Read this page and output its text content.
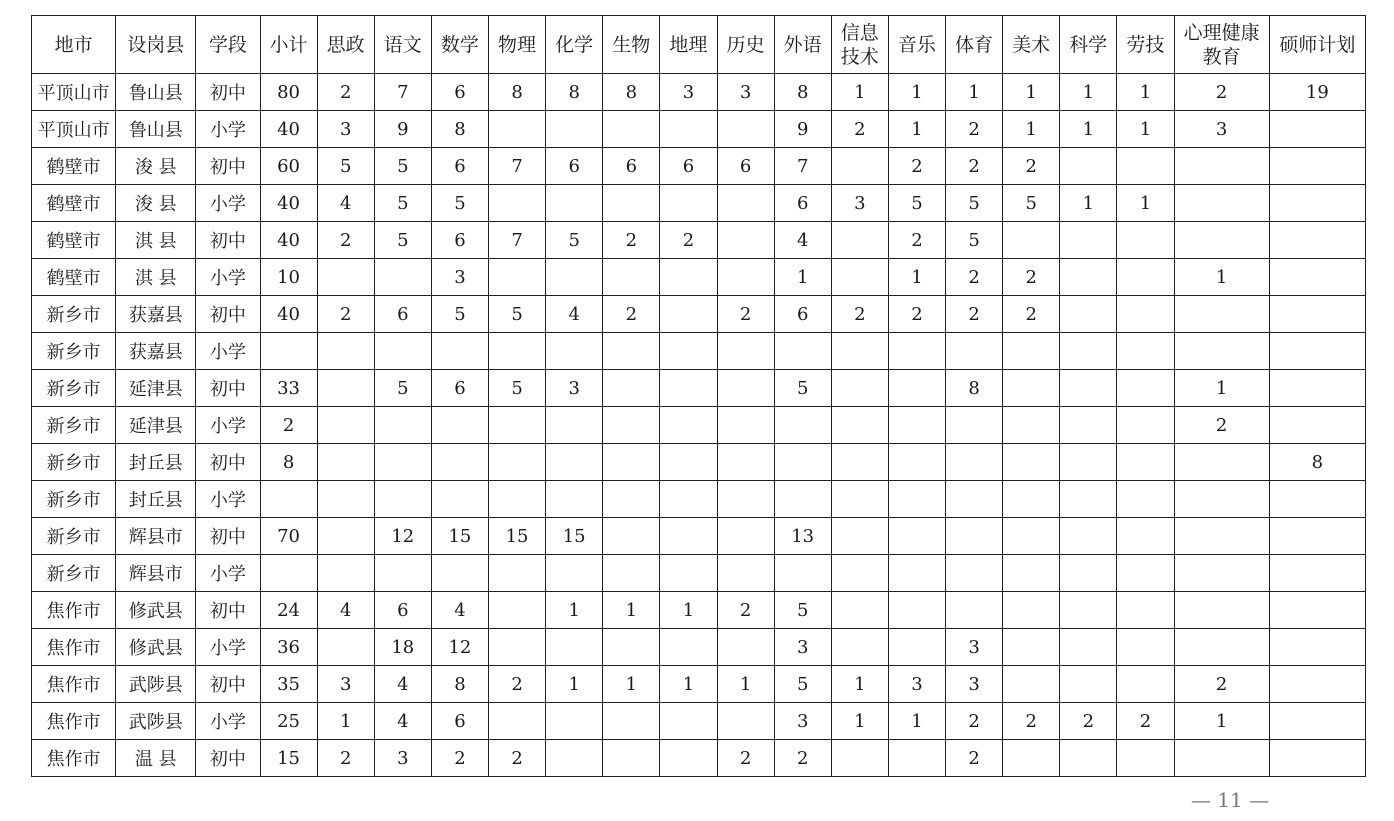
地市	设岗县	学段	小计	思政	语文	数学	物理	化学	生物	地理	历史	外语	信息
技术	音乐	体育	美术	科学	劳技	心理健康
教育	硕师计划
平顶山市	鲁山县	初中	80	2	7	6	8	8	8	3	3	8	1	1	1	1	1	1	2	19
平顶山市	鲁山县	小学	40	3	9	8						9	2	1	2	1	1	1	3	
鹤壁市	浚 县	初中	60	5	5	6	7	6	6	6	6	7		2	2	2				
鹤壁市	浚 县	小学	40	4	5	5						6	3	5	5	5	1	1		
鹤壁市	淇 县	初中	40	2	5	6	7	5	2	2		4		2	5					
鹤壁市	淇 县	小学	10			3						1		1	2	2			1	
新乡市	获嘉县	初中	40	2	6	5	5	4	2		2	6	2	2	2	2				
新乡市	获嘉县	小学																		
新乡市	延津县	初中	33		5	6	5	3				5			8				1	
新乡市	延津县	小学	2																2	
新乡市	封丘县	初中	8																	8
新乡市	封丘县	小学																		
新乡市	辉县市	初中	70		12	15	15	15				13								
新乡市	辉县市	小学																		
焦作市	修武县	初中	24	4	6	4		1	1	1	2	5								
焦作市	修武县	小学	36		18	12						3			3					
焦作市	武陟县	初中	35	3	4	8	2	1	1	1	1	5	1	3	3				2	
焦作市	武陟县	小学	25	1	4	6						3	1	1	2	2	2	2	1	
焦作市	温 县	初中	15	2	3	2	2				2	2			2					
— 11 —
